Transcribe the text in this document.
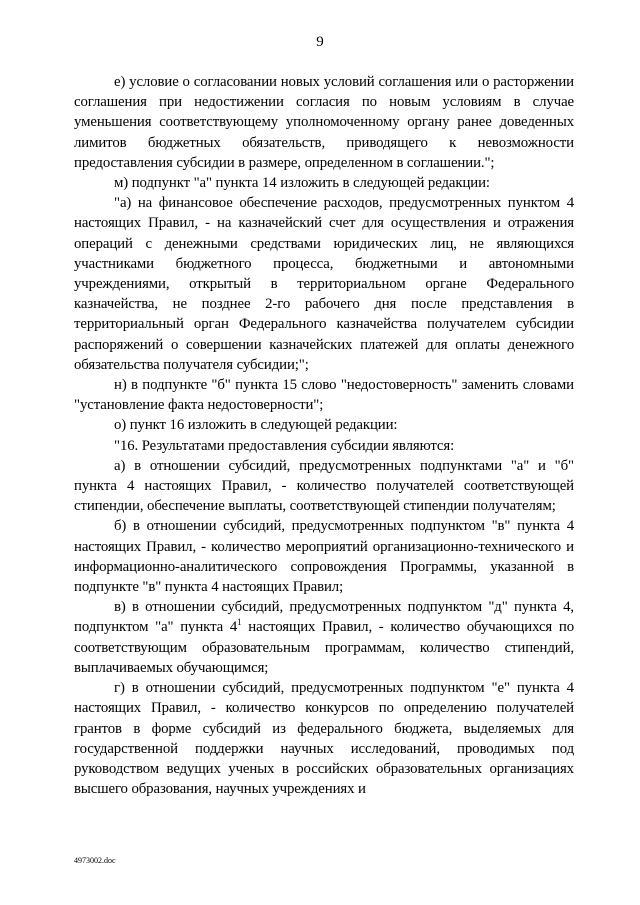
9

е) условие о согласовании новых условий соглашения или о расторжении соглашения при недостижении согласия по новым условиям в случае уменьшения соответствующему уполномоченному органу ранее доведенных лимитов бюджетных обязательств, приводящего к невозможности предоставления субсидии в размере, определенном в соглашении.";

м) подпункт "а" пункта 14 изложить в следующей редакции:

"а) на финансовое обеспечение расходов, предусмотренных пунктом 4 настоящих Правил, - на казначейский счет для осуществления и отражения операций с денежными средствами юридических лиц, не являющихся участниками бюджетного процесса, бюджетными и автономными учреждениями, открытый в территориальном органе Федерального казначейства, не позднее 2-го рабочего дня после представления в территориальный орган Федерального казначейства получателем субсидии распоряжений о совершении казначейских платежей для оплаты денежного обязательства получателя субсидии;";

н) в подпункте "б" пункта 15 слово "недостоверность" заменить словами "установление факта недостоверности";

о) пункт 16 изложить в следующей редакции:

"16. Результатами предоставления субсидии являются:

а) в отношении субсидий, предусмотренных подпунктами "а" и "б" пункта 4 настоящих Правил, - количество получателей соответствующей стипендии, обеспечение выплаты, соответствующей стипендии получателям;

б) в отношении субсидий, предусмотренных подпунктом "в" пункта 4 настоящих Правил, - количество мероприятий организационно-технического и информационно-аналитического сопровождения Программы, указанной в подпункте "в" пункта 4 настоящих Правил;

в) в отношении субсидий, предусмотренных подпунктом "д" пункта 4, подпунктом "а" пункта $4^1$ настоящих Правил, - количество обучающихся по соответствующим образовательным программам, количество стипендий, выплачиваемых обучающимся;

г) в отношении субсидий, предусмотренных подпунктом "е" пункта 4 настоящих Правил, - количество конкурсов по определению получателей грантов в форме субсидий из федерального бюджета, выделяемых для государственной поддержки научных исследований, проводимых под руководством ведущих ученых в российских образовательных организациях высшего образования, научных учреждениях и

4973002.doc
